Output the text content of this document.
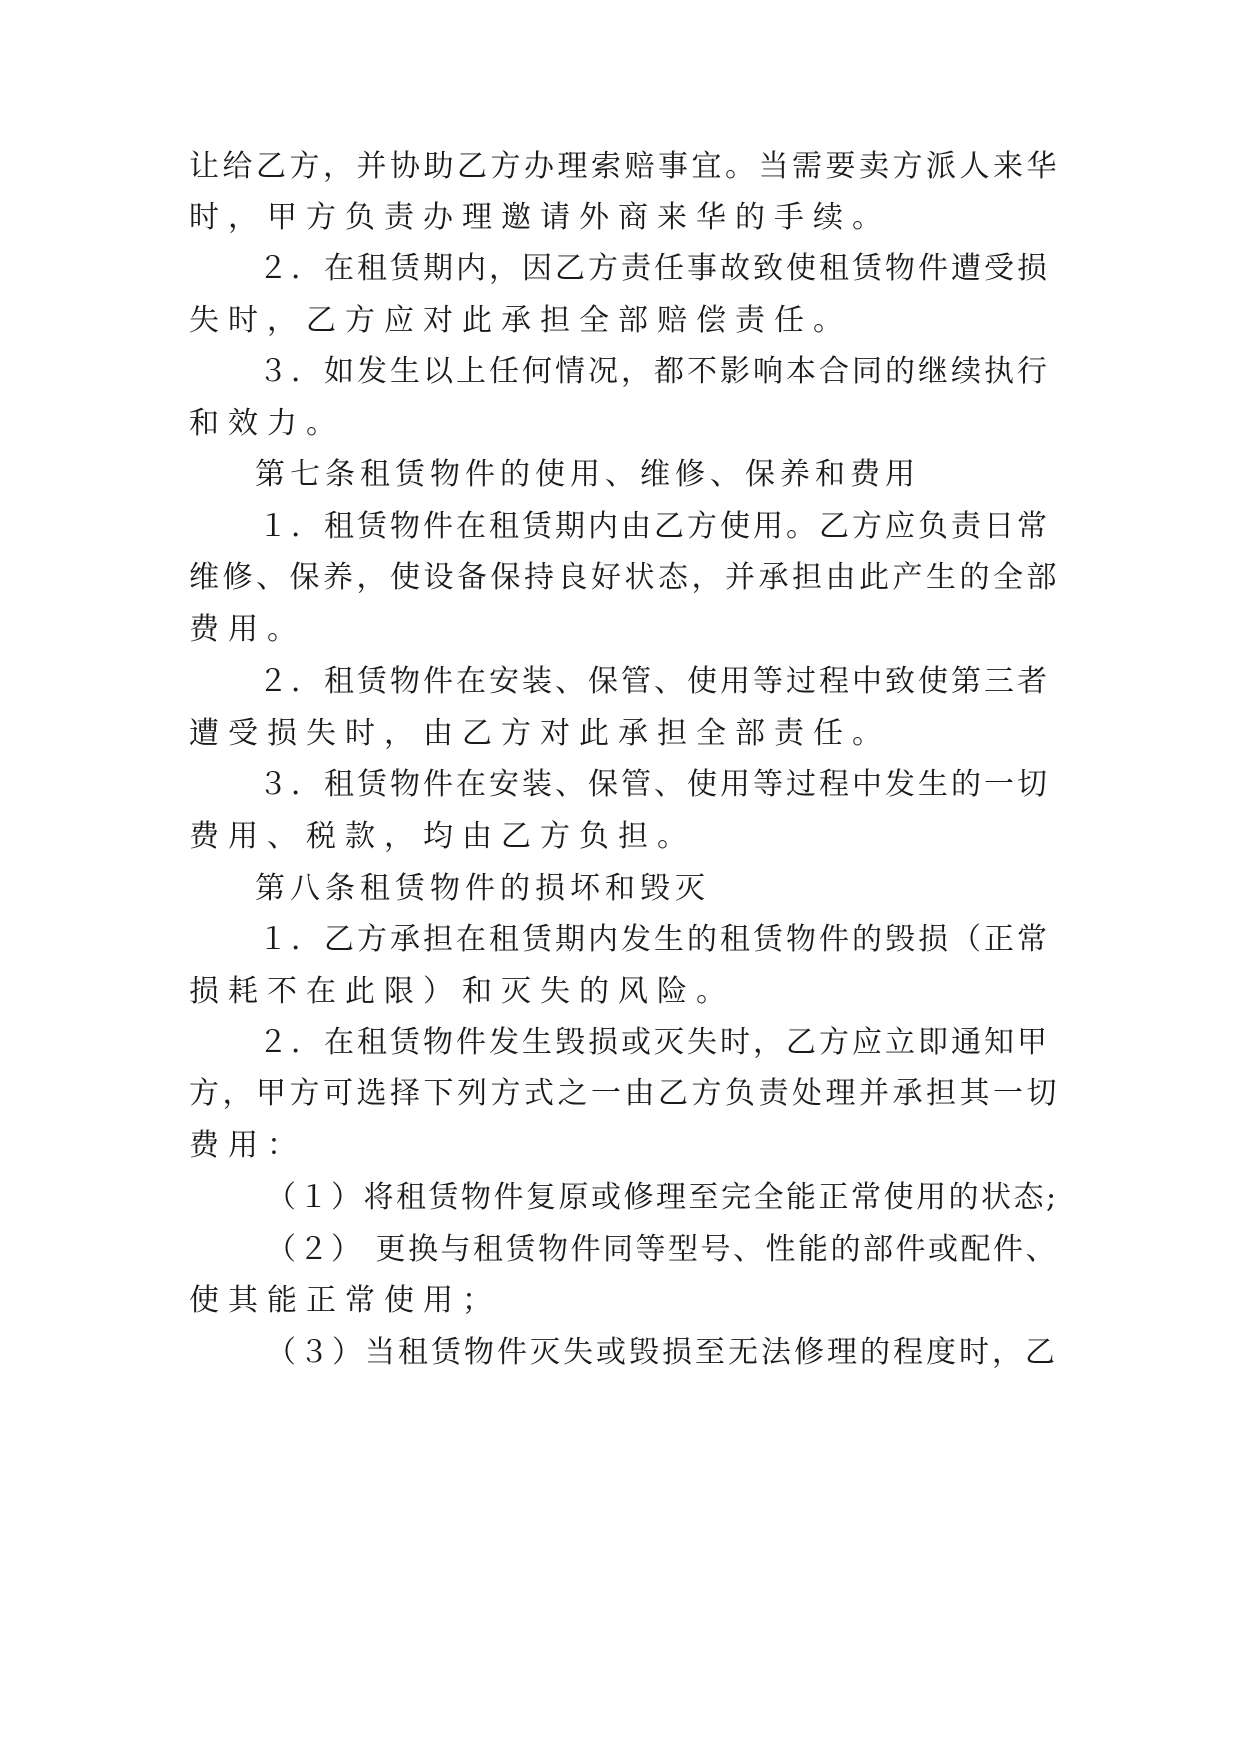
让给乙方，并协助乙方办理索赔事宜。当需要卖方派人来华
时，甲方负责办理邀请外商来华的手续。
２．在租赁期内，因乙方责任事故致使租赁物件遭受损
失时，乙方应对此承担全部赔偿责任。
３．如发生以上任何情况，都不影响本合同的继续执行
和效力。
第七条租赁物件的使用、维修、保养和费用
１．租赁物件在租赁期内由乙方使用。乙方应负责日常
维修、保养，使设备保持良好状态，并承担由此产生的全部
费用。
２．租赁物件在安装、保管、使用等过程中致使第三者
遭受损失时，由乙方对此承担全部责任。
３．租赁物件在安装、保管、使用等过程中发生的一切
费用、税款，均由乙方负担。
第八条租赁物件的损坏和毁灭
１．乙方承担在租赁期内发生的租赁物件的毁损（正常
损耗不在此限）和灭失的风险。
２．在租赁物件发生毁损或灭失时，乙方应立即通知甲
方，甲方可选择下列方式之一由乙方负责处理并承担其一切
费用：
（１）将租赁物件复原或修理至完全能正常使用的状态;
（２） 更换与租赁物件同等型号、性能的部件或配件、
使其能正常使用；
（３）当租赁物件灭失或毁损至无法修理的程度时，乙
